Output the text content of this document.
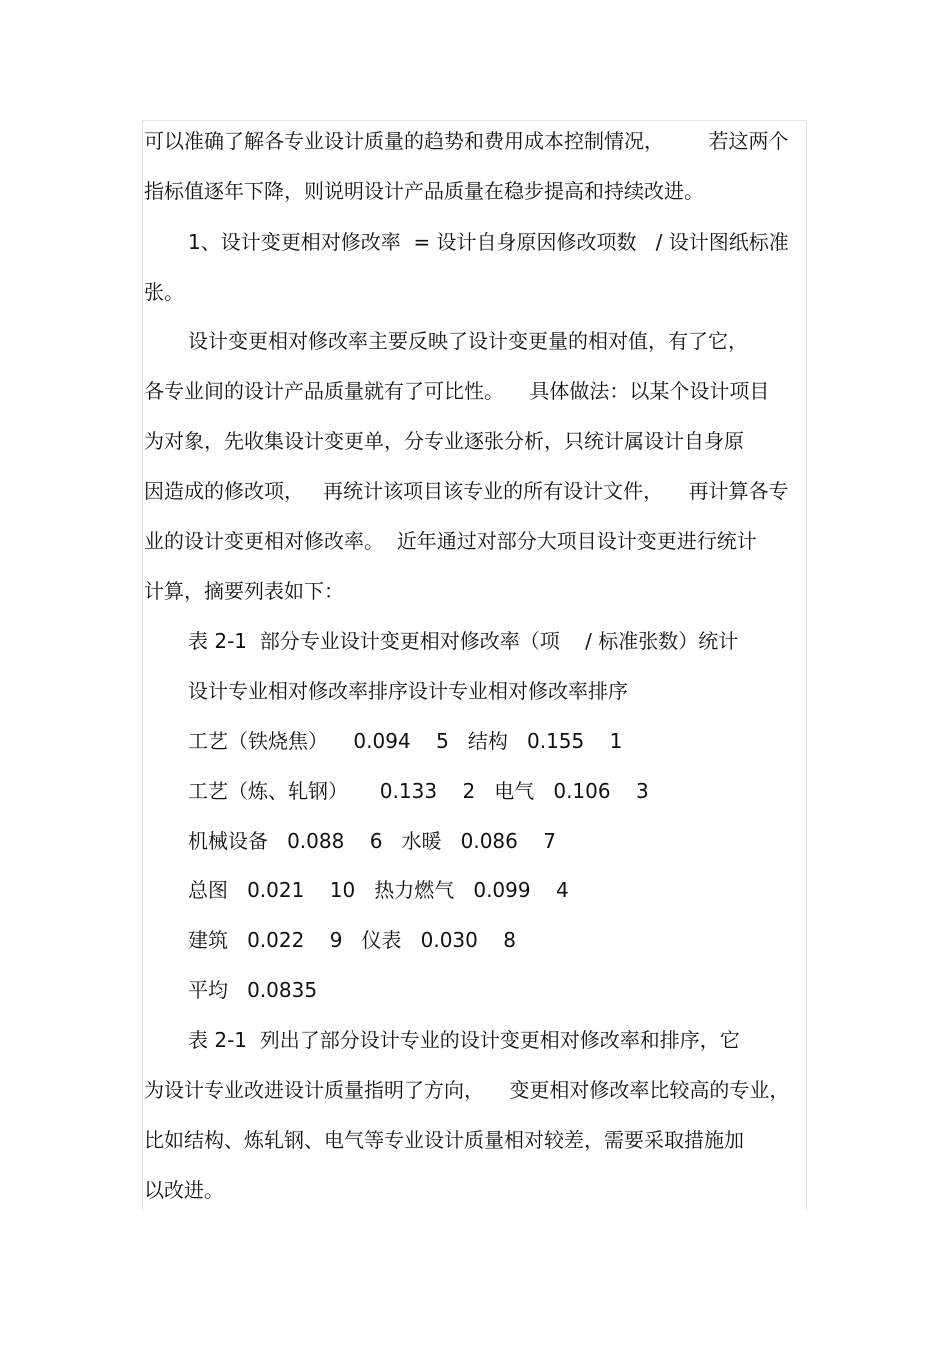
可以准确了解各专业设计质量的趋势和费用成本控制情况，       若这两个

指标值逐年下降，则说明设计产品质量在稳步提高和持续改进。

1、设计变更相对修改率  = 设计自身原因修改项数   / 设计图纸标准

张。

设计变更相对修改率主要反映了设计变更量的相对值，有了它，

各专业间的设计产品质量就有了可比性。    具体做法：以某个设计项目

为对象，先收集设计变更单，分专业逐张分析，只统计属设计自身原

因造成的修改项，   再统计该项目该专业的所有设计文件，    再计算各专

业的设计变更相对修改率。  近年通过对部分大项目设计变更进行统计

计算，摘要列表如下：

表 2-1  部分专业设计变更相对修改率（项    / 标准张数）统计

设计专业相对修改率排序设计专业相对修改率排序

工艺（铁烧焦）    0.094    5   结构   0.155    1

工艺（炼、轧钢）     0.133    2   电气   0.106    3

机械设备   0.088    6   水暖   0.086    7

总图   0.021    10   热力燃气   0.099    4

建筑   0.022    9   仪表   0.030    8

平均   0.0835

表 2-1  列出了部分设计专业的设计变更相对修改率和排序，它

为设计专业改进设计质量指明了方向，    变更相对修改率比较高的专业，

比如结构、炼轧钢、电气等专业设计质量相对较差，需要采取措施加

以改进。
